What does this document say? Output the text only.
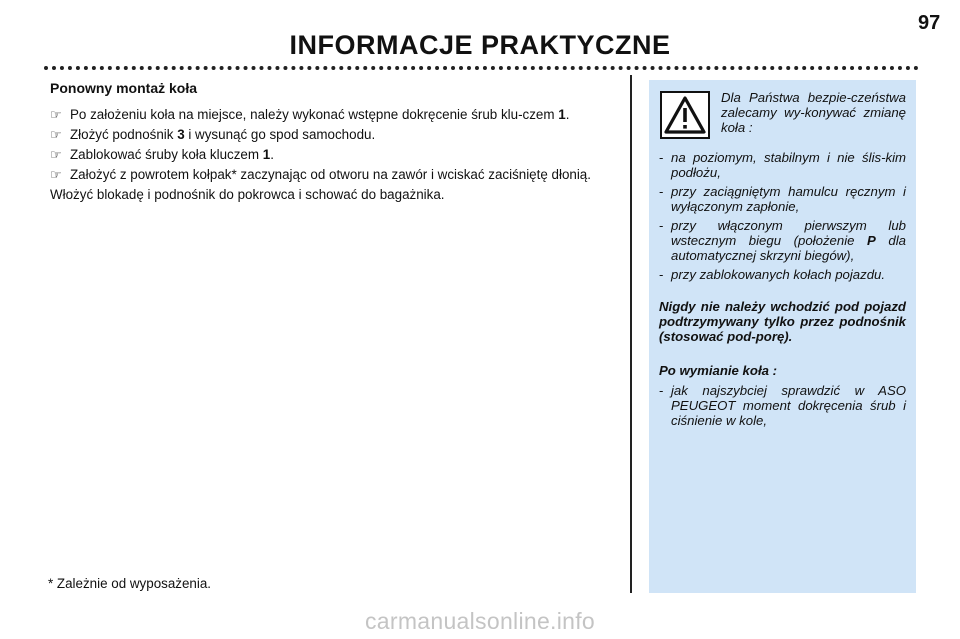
97
INFORMACJE PRAKTYCZNE
Ponowny montaż koła
☞ Po założeniu koła na miejsce, należy wykonać wstępne dokręcenie śrub klu-czem 1.
☞ Złożyć podnośnik 3 i wysunąć go spod samochodu.
☞ Zablokować śruby koła kluczem 1.
☞ Założyć z powrotem kołpak* zaczynając od otworu na zawór i wciskać zaciśniętę dłonią.
Włożyć blokadę i podnośnik do pokrowca i schować do bagażnika.
* Zależnie od wyposażenia.
Dla Państwa bezpie-czeństwa zalecamy wy-konywać zmianę koła :
- na poziomym, stabilnym i nie ślis-kim podłożu,
- przy zaciągniętym hamulcu ręcznym i wyłączonym zapłonie,
- przy włączonym pierwszym lub wstecznym biegu (położenie P dla automatycznej skrzyni biegów),
- przy zablokowanych kołach pojazdu.
Nigdy nie należy wchodzić pod pojazd podtrzymywany tylko przez podnośnik (stosować pod-porę).
Po wymianie koła :
- jak najszybciej sprawdzić w ASO PEUGEOT moment dokręcenia śrub i ciśnienie w kole,
carmanualsonline.info
